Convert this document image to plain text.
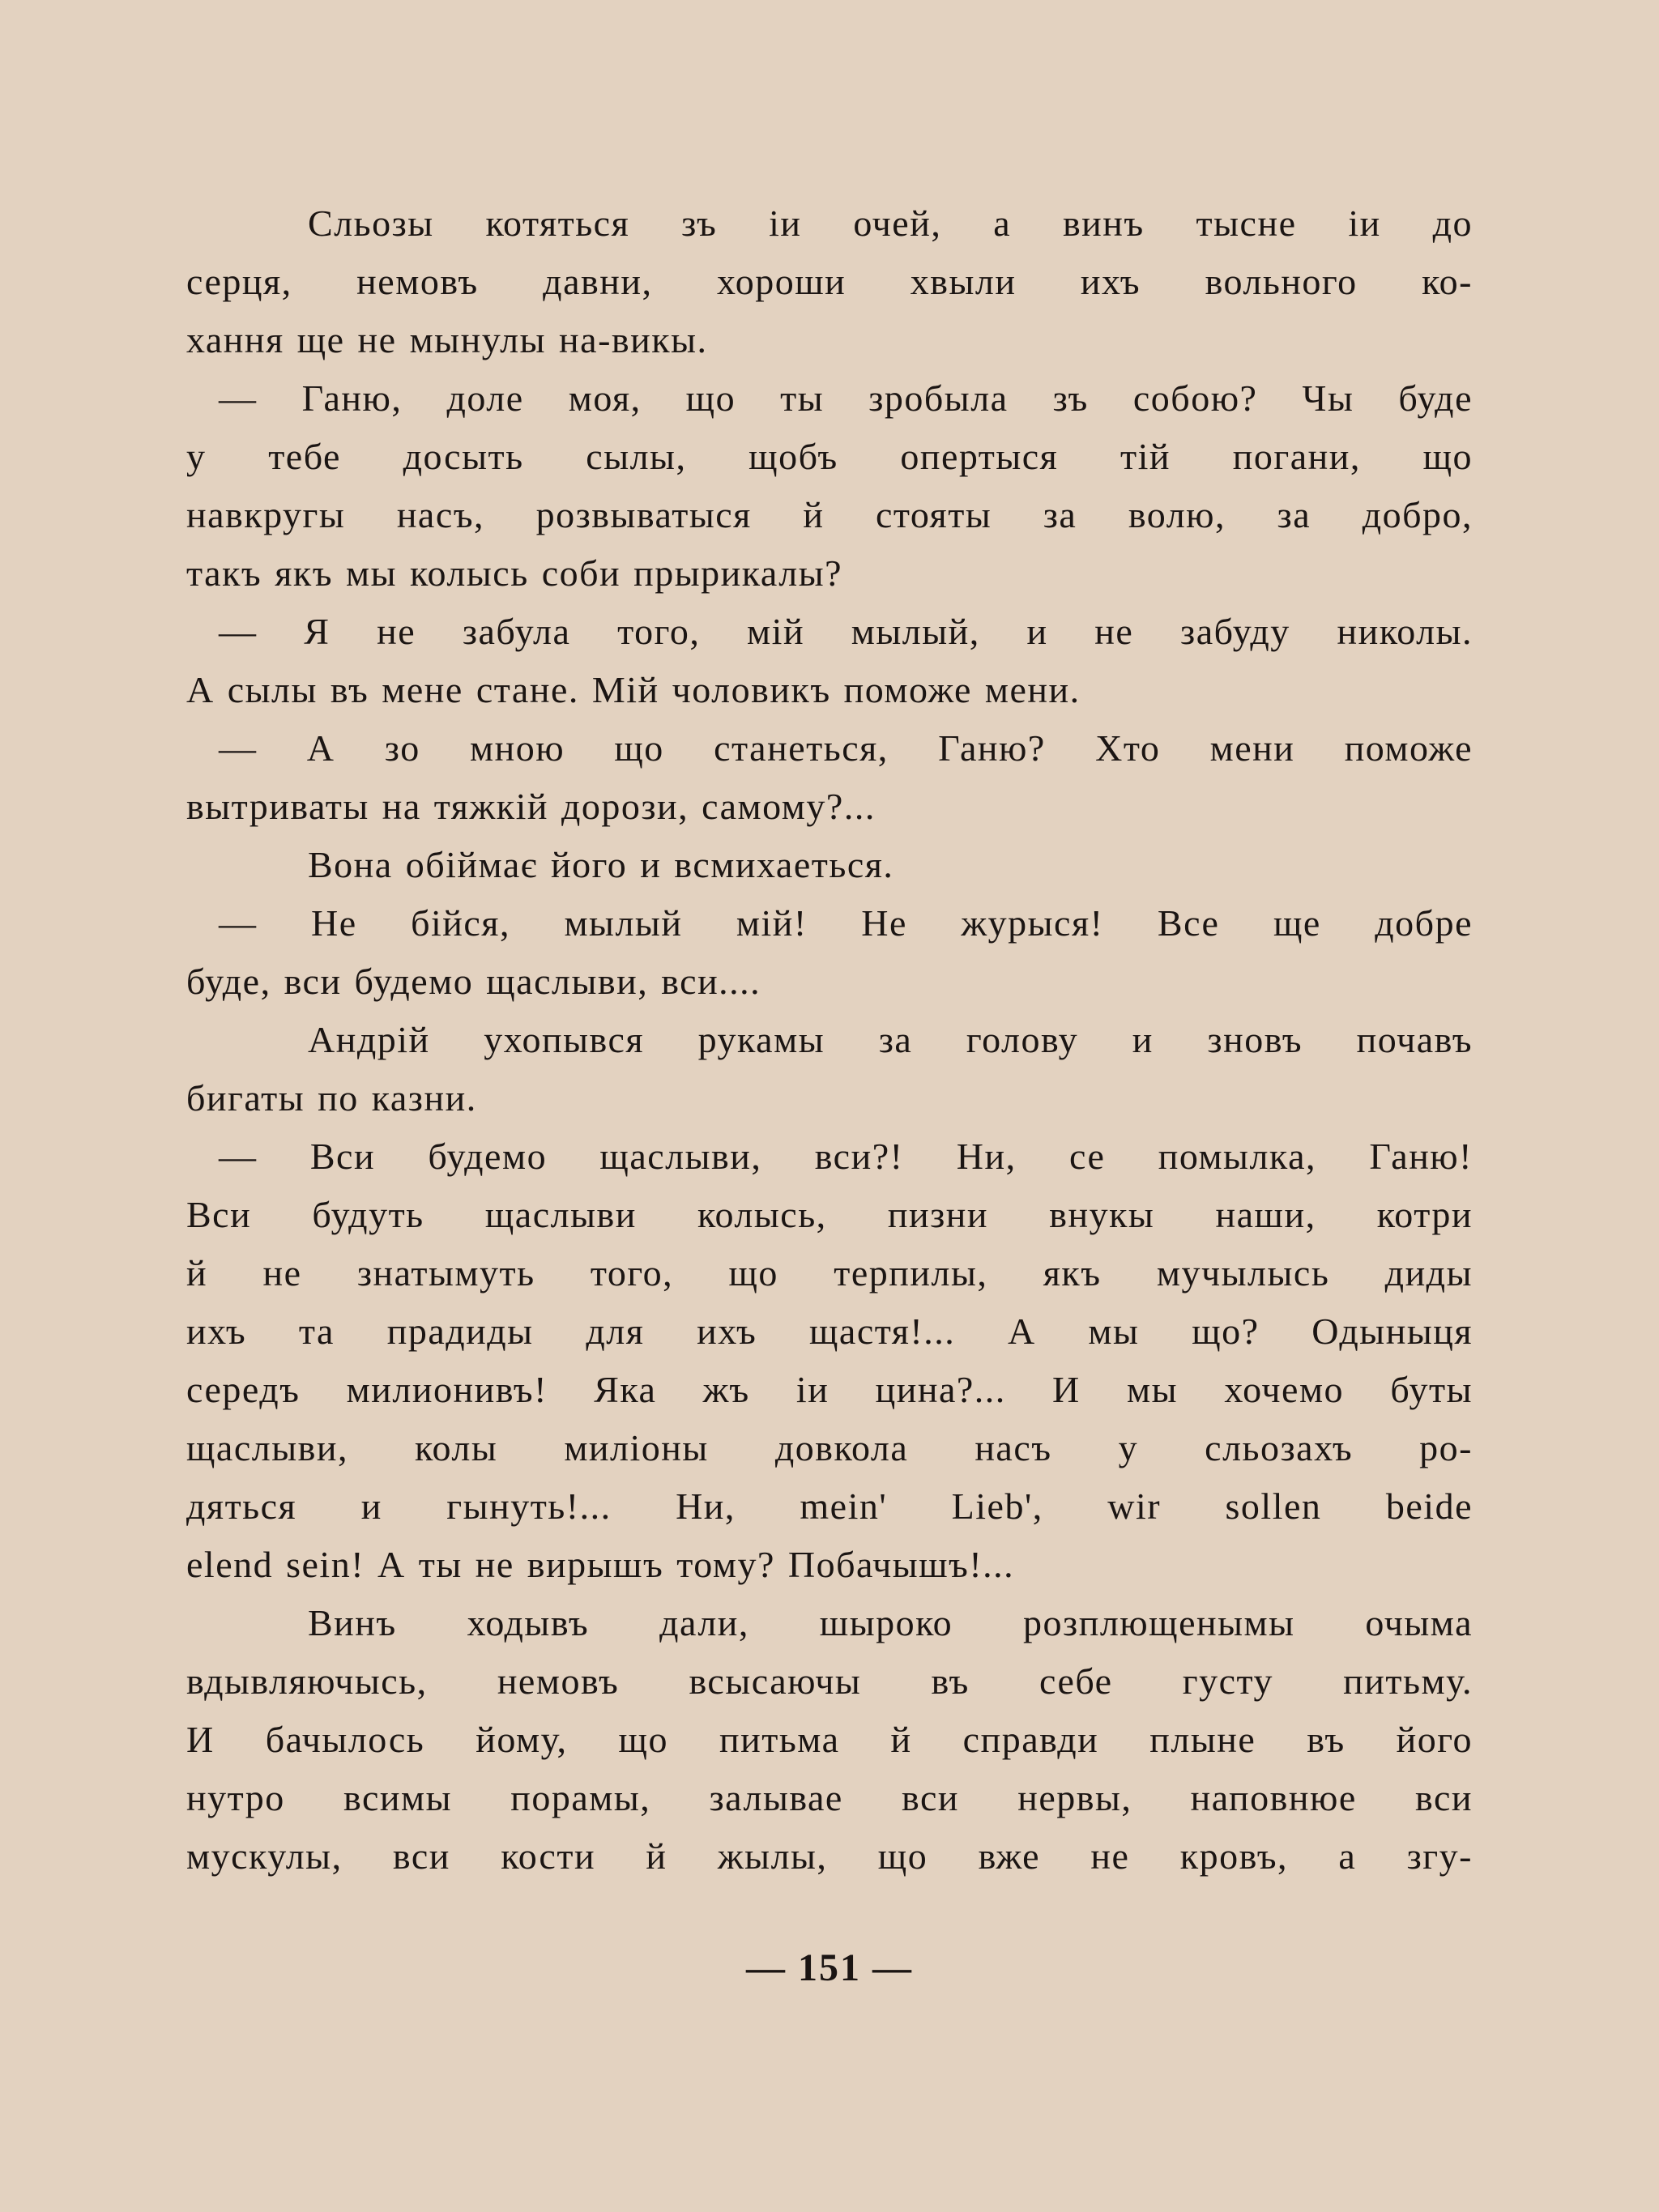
Сльозы котяться зъ іи очей, а винъ тысне іи до
серця, немовъ давни, хороши хвыли ихъ вольного ко-
хання ще не мынулы на-викы.
— Ганю, доле моя, що ты зробыла зъ собою? Чы буде
у тебе досыть сылы, щобъ опертыся тій погани, що
навкругы насъ, розвыватыся й стояты за волю, за добро,
такъ якъ мы колысь соби прырикалы?
— Я не забула того, мій мылый, и не забуду николы.
А сылы въ мене стане. Мій чоловикъ поможе мени.
— А зо мною що станеться, Ганю? Хто мени поможе
вытриваты на тяжкій дорози, самому?...
Вона обіймає його и всмихаеться.
— Не бійся, мылый мій! Не журыся! Все ще добре
буде, вси будемо щаслыви, вси....
Андрій ухопывся рукамы за голову и зновъ почавъ
бигаты по казни.
— Вси будемо щаслыви, вси?! Ни, се помылка, Ганю!
Вси будуть щаслыви колысь, пизни внукы наши, котри
й не знатымуть того, що терпилы, якъ мучылысь диды
ихъ та прадиды для ихъ щастя!... А мы що? Одыныця
середъ милионивъ! Яка жъ іи цина?... И мы хочемо буты
щаслыви, колы миліоны довкола насъ у сльозахъ ро-
дяться и гынуть!... Ни, mein' Lieb', wir sollen beide
elend sein! А ты не вирышъ тому? Побачышъ!...
Винъ ходывъ дали, шыроко розплющенымы очыма
вдывляючысь, немовъ всысаючы въ себе густу питьму.
И бачылось йому, що питьма й справди плыне въ його
нутро всимы порамы, залывае вси нервы, наповнюе вси
мускулы, вси кости й жылы, що вже не кровъ, а згу-
— 151 —
